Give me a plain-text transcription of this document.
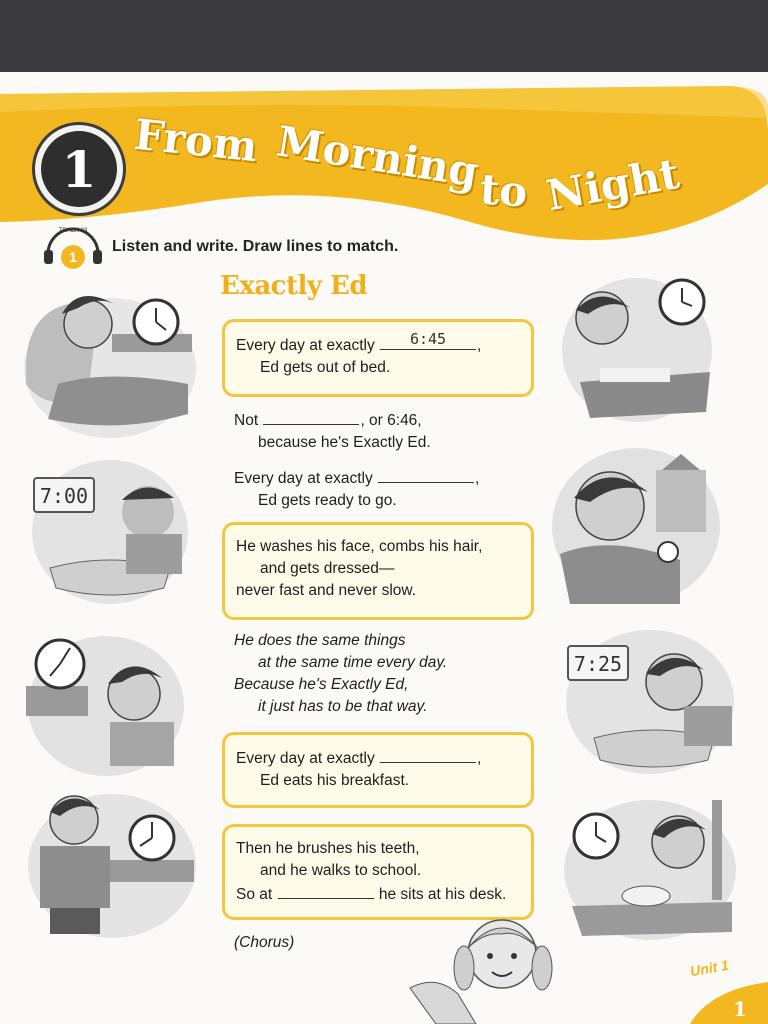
1 From Morning
to Night
1
TRACK 03
Listen and write. Draw lines to match.
Exactly Ed
Every day at exactly	6:45	,
Ed gets out of bed.
Not	, or 6:46,
because he's Exactly Ed.
Every day at exactly	,
Ed gets ready to go.
He washes his face, combs his hair,
and gets dressed—
never fast and never slow.
He does the same things
at the same time every day.
Because he's Exactly Ed,
it just has to be that way.
Every day at exactly	,
Ed eats his breakfast.
Then he brushes his teeth,
and he walks to school.
So at	he sits at his desk.
(Chorus)
7:00
7:25
Unit 1
1
